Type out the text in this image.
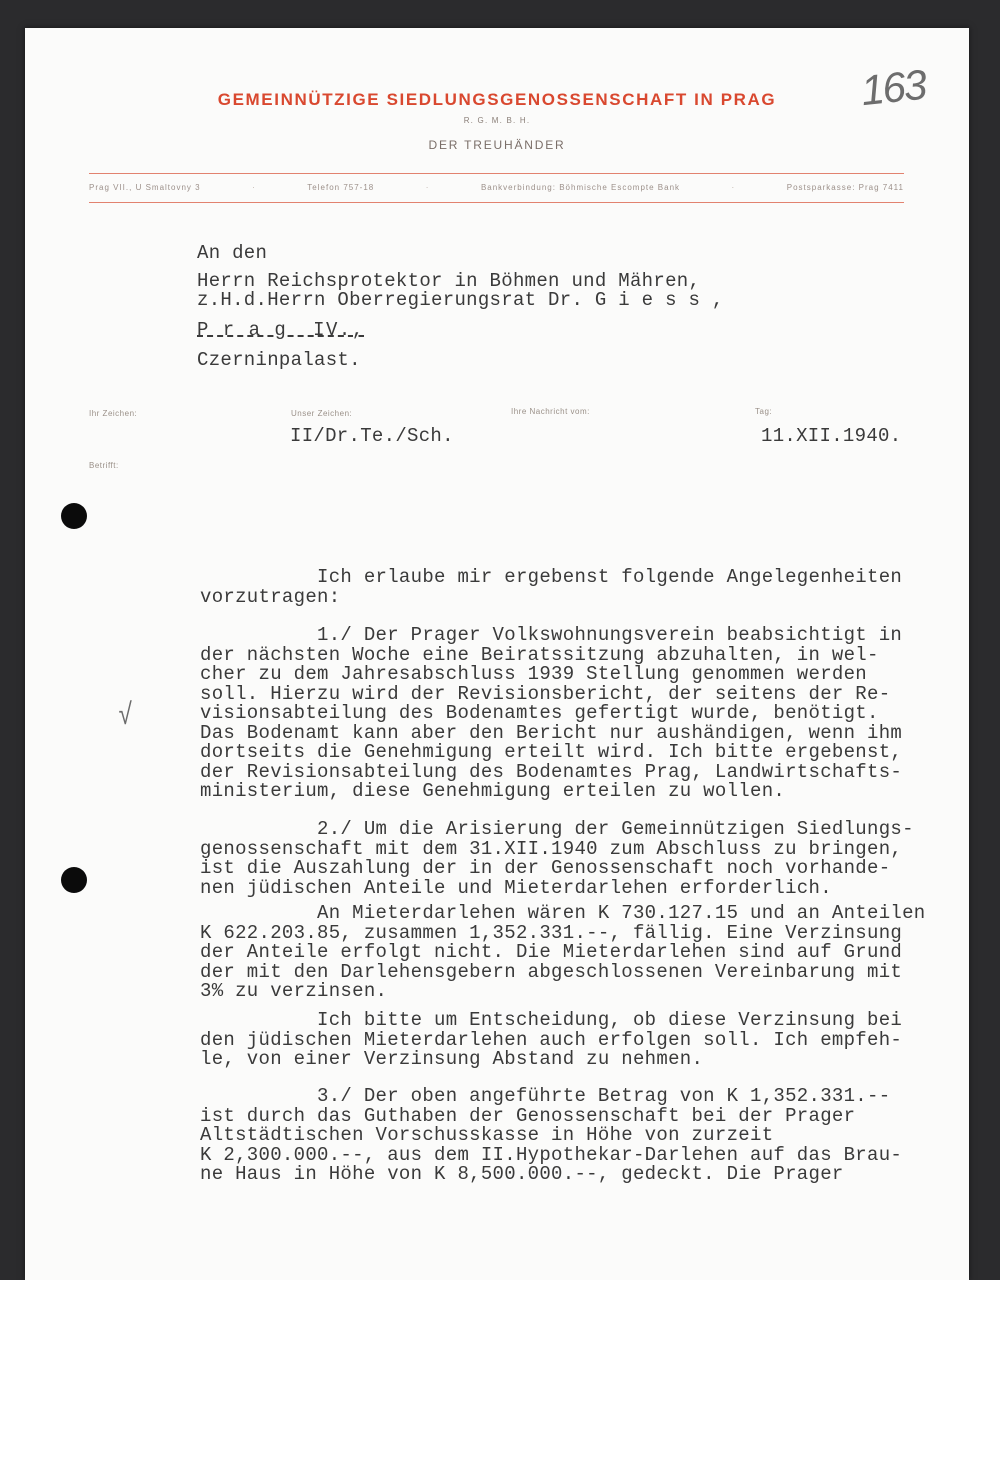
GEMEINNÜTZIGE SIEDLUNGSGENOSSENSCHAFT IN PRAG
R. G. M. B. H.
DER TREUHÄNDER
Prag VII., U Smaltovny 3	·	Telefon 757-18	·	Bankverbindung: Böhmische Escompte Bank	·	Postsparkasse: Prag 7411
163
An den
Herrn Reichsprotektor in Böhmen und Mähren,
z.H.d.Herrn Oberregierungsrat Dr. G i e s s ,
P r a g  IV.,
Czerninpalast.
Ihr Zeichen:	Unser Zeichen:	Ihre Nachricht vom:	Tag:
II/Dr.Te./Sch.	11.XII.1940.
Betrifft:
Ich erlaube mir ergebenst folgende Angelegenheiten
vorzutragen:
1./ Der Prager Volkswohnungsverein beabsichtigt in
der nächsten Woche eine Beiratssitzung abzuhalten, in wel-
cher zu dem Jahresabschluss 1939 Stellung genommen werden
soll. Hierzu wird der Revisionsbericht, der seitens der Re-
visionsabteilung des Bodenamtes gefertigt wurde, benötigt.
Das Bodenamt kann aber den Bericht nur aushändigen, wenn ihm
dortseits die Genehmigung erteilt wird. Ich bitte ergebenst,
der Revisionsabteilung des Bodenamtes Prag, Landwirtschafts-
ministerium, diese Genehmigung erteilen zu wollen.
2./ Um die Arisierung der Gemeinnützigen Siedlungs-
genossenschaft mit dem 31.XII.1940 zum Abschluss zu bringen,
ist die Auszahlung der in der Genossenschaft noch vorhande-
nen jüdischen Anteile und Mieterdarlehen erforderlich.
An Mieterdarlehen wären K 730.127.15 und an Anteilen
K 622.203.85, zusammen 1,352.331.--, fällig. Eine Verzinsung
der Anteile erfolgt nicht. Die Mieterdarlehen sind auf Grund
der mit den Darlehensgebern abgeschlossenen Vereinbarung mit
3% zu verzinsen.
Ich bitte um Entscheidung, ob diese Verzinsung bei
den jüdischen Mieterdarlehen auch erfolgen soll. Ich empfeh-
le, von einer Verzinsung Abstand zu nehmen.
3./ Der oben angeführte Betrag von K 1,352.331.--
ist durch das Guthaben der Genossenschaft bei der Prager
Altstädtischen Vorschusskasse in Höhe von zurzeit
K 2,300.000.--, aus dem II.Hypothekar-Darlehen auf das Brau-
ne Haus in Höhe von K 8,500.000.--, gedeckt. Die Prager
√
